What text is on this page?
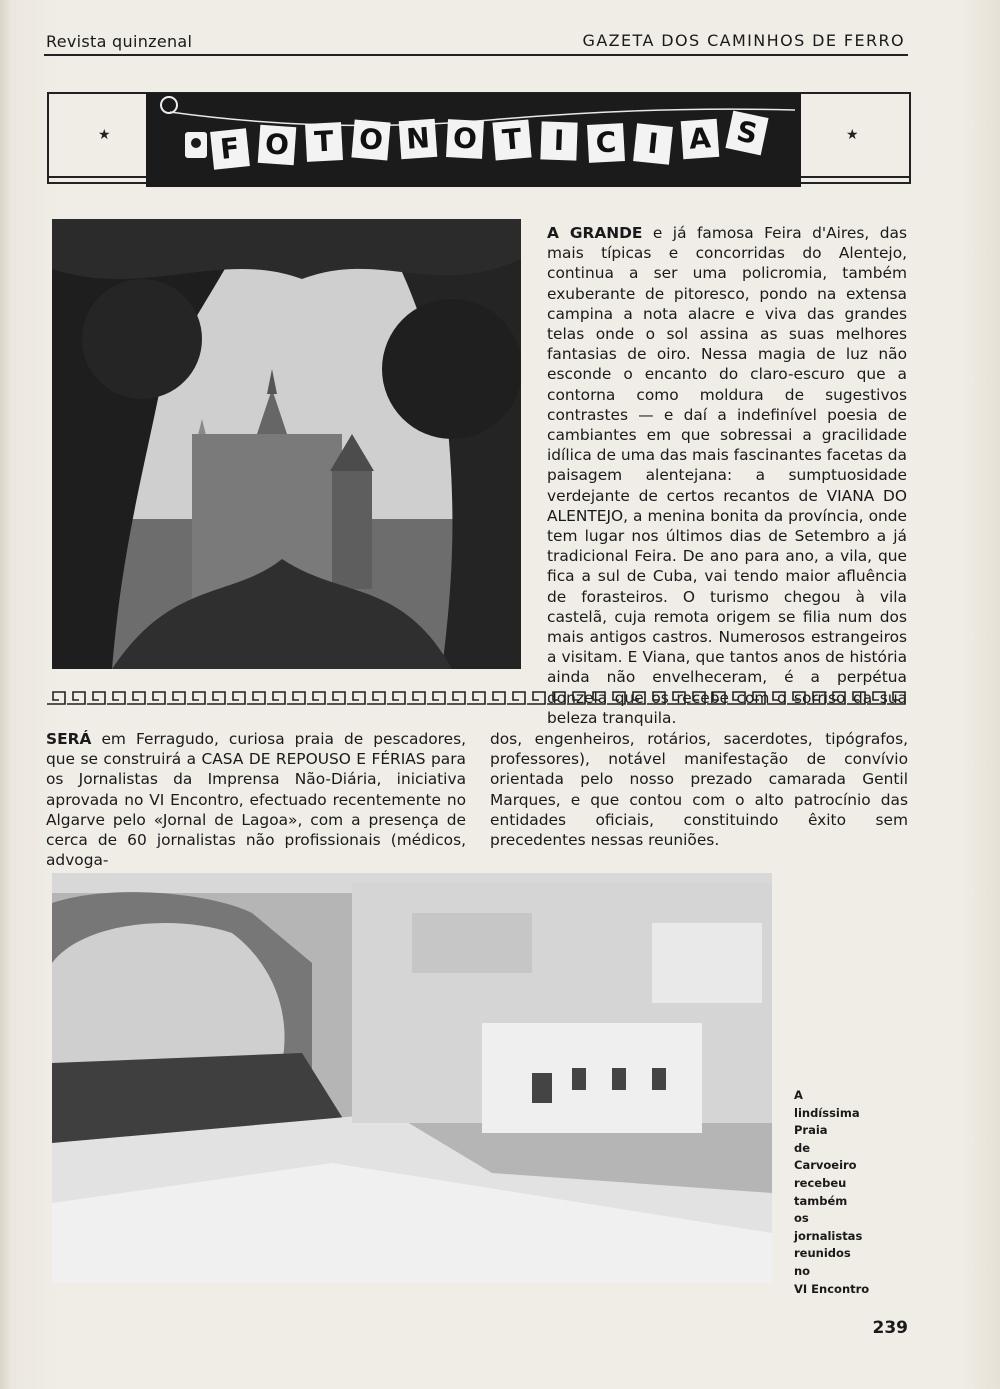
Revista quinzenal	GAZETA DOS CAMINHOS DE FERRO
★	★
F O T O N O T	I	C	I	A S

A GRANDE e já famosa Feira d'Aires, das mais típicas e concorridas do Alentejo, continua a ser uma policromia, também exuberante de pitoresco, pondo na extensa campina a nota alacre e viva das grandes telas onde o sol assina as suas melhores fantasias de oiro. Nessa magia de luz não esconde o encanto do claro-escuro que a contorna como moldura de sugestivos contrastes — e daí a indefinível poesia de cambiantes em que sobressai a gracilidade idílica de uma das mais fascinantes facetas da paisagem alentejana: a sumptuosidade verdejante de certos recantos de VIANA DO ALENTEJO, a menina bonita da província, onde tem lugar nos últimos dias de Setembro a já tradicional Feira. De ano para ano, a vila, que fica a sul de Cuba, vai tendo maior afluência de forasteiros. O turismo chegou à vila castelã, cuja remota origem se filia num dos mais antigos castros. Numerosos estrangeiros a visitam. E Viana, que tantos anos de história ainda não envelheceram, é a perpétua beleza tranquila.

SERÁ em Ferragudo, curiosa praia de pescadores, que se construirá a CASA DE REPOUSO E FÉRIAS para os Jornalistas da Imprensa Não-Diária, iniciativa aprovada no VI Encontro, efectuado recentemente no Algarve pelo «Jornal de Lagoa», com a presença de cerca de 60 jornalistas não profissionais (médicos, advoga-

dos, engenheiros, rotários, sacerdotes, tipógrafos, professores), notável manifestação de convívio orientada pelo nosso prezado camarada Gentil Marques, e que contou com o alto patrocínio das entidades oficiais, constituindo êxito sem precedentes nessas reuniões.

A
lindíssima
Praia
de
Carvoeiro
recebeu
também
os
jornalistas
reunidos
no
VI Encontro
239
